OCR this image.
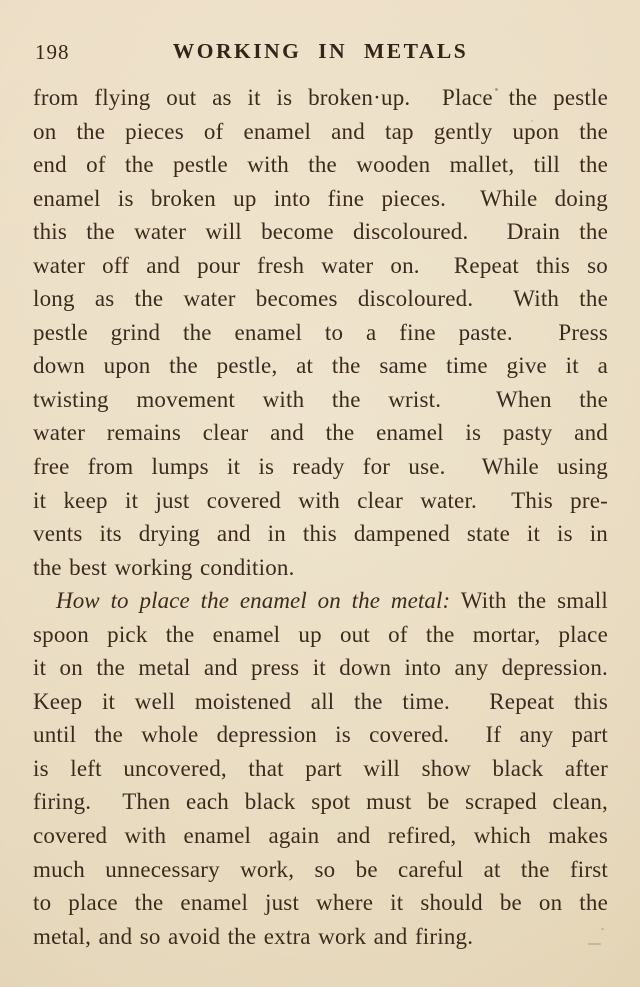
198	WORKING IN METALS
from flying out as it is broken·up.  Place the pestle
on the pieces of enamel and tap gently upon the
end of the pestle with the wooden mallet, till the
enamel is broken up into fine pieces.  While doing
this the water will become discoloured.  Drain the
water off and pour fresh water on.  Repeat this so
long as the water becomes discoloured.  With the
pestle grind the enamel to a fine paste.  Press
down upon the pestle, at the same time give it a
twisting movement with the wrist.  When the
water remains clear and the enamel is pasty and
free from lumps it is ready for use.  While using
it keep it just covered with clear water.  This pre-
vents its drying and in this dampened state it is in
the best working condition.
How to place the enamel on the metal: With the small
spoon pick the enamel up out of the mortar, place
it on the metal and press it down into any depression.
Keep it well moistened all the time.  Repeat this
until the whole depression is covered.  If any part
is left uncovered, that part will show black after
firing.  Then each black spot must be scraped clean,
covered with enamel again and refired, which makes
much unnecessary work, so be careful at the first
to place the enamel just where it should be on the
metal, and so avoid the extra work and firing.
